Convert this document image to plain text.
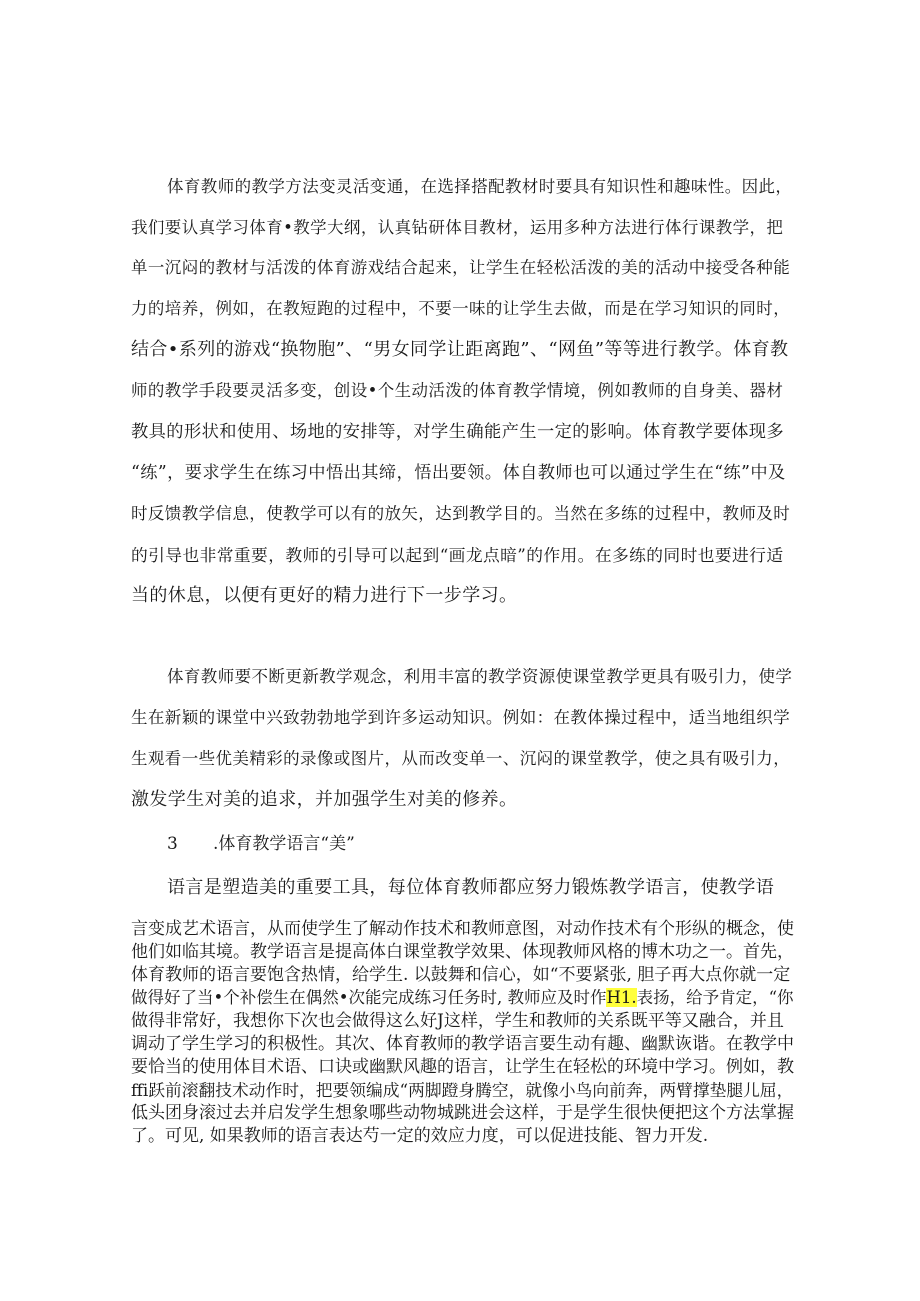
体育教师的教学方法变灵活变通，在选择搭配教材时要具有知识性和趣味性。因此，
我们要认真学习体育•教学大纲，认真钻研体目教材，运用多种方法进行体行课教学，把
单一沉闷的教材与活泼的体育游戏结合起来，让学生在轻松活泼的美的活动中接受各种能
力的培养，例如，在教短跑的过程中，不要一味的让学生去做，而是在学习知识的同时，
结合•系列的游戏“换物胞”、“男女同学让距离跑”、“网鱼”等等进行教学。体育教
师的教学手段要灵活多变，创设•个生动活泼的体育教学情境，例如教师的自身美、器材
教具的形状和使用、场地的安排等，对学生确能产生一定的影响。体育教学要体现多
“练”，要求学生在练习中悟出其缔，悟出要领。体自教师也可以通过学生在“练”中及
时反馈教学信息，使教学可以有的放矢，达到教学目的。当然在多练的过程中，教师及时
的引导也非常重要，教师的引导可以起到“画龙点暗”的作用。在多练的同时也要进行适
当的休息，以便有更好的精力进行下一步学习。
体育教师要不断更新教学观念，利用丰富的教学资源使课堂教学更具有吸引力，使学
生在新颖的课堂中兴致勃勃地学到许多运动知识。例如：在教体操过程中，适当地组织学
生观看一些优美精彩的录像或图片，从而改变单一、沉闷的课堂教学，使之具有吸引力，
激发学生对美的追求，并加强学生对美的修养。
3 .体育教学语言“美”
语言是塑造美的重要工具，每位体育教师都应努力锻炼教学语言，使教学语
言变成艺术语言，从而使学生了解动作技术和教师意图，对动作技术有个形纵的概念，使
他们如临其境。教学语言是提高体白课堂教学效果、体现教师风格的博木功之一。首先，
体育教师的语言要饱含热情，给学生. 以鼓舞和信心，如“不要紧张, 胆子再大点你就一定
做得好了当•个补偿生在偶然•次能完成练习任务时, 教师应及时作H1.表扬，给予肯定，“你
做得非常好，我想你下次也会做得这么好J这样，学生和教师的关系既平等又融合，并且
调动了学生学习的积极性。其次、体育教师的教学语言要生动有趣、幽默诙谐。在教学中
要恰当的使用体目术语、口诀或幽默风趣的语言，让学生在轻松的环境中学习。例如，教
ffi跃前滚翻技术动作时，把要领编成“两脚蹬身腾空，就像小鸟向前奔，两臂撑垫腿儿屈，
低头团身滚过去并启发学生想象哪些动物城跳进会这样，于是学生很快便把这个方法掌握
了。可见, 如果教师的语言表达芍一定的效应力度，可以促进技能、智力开发.
